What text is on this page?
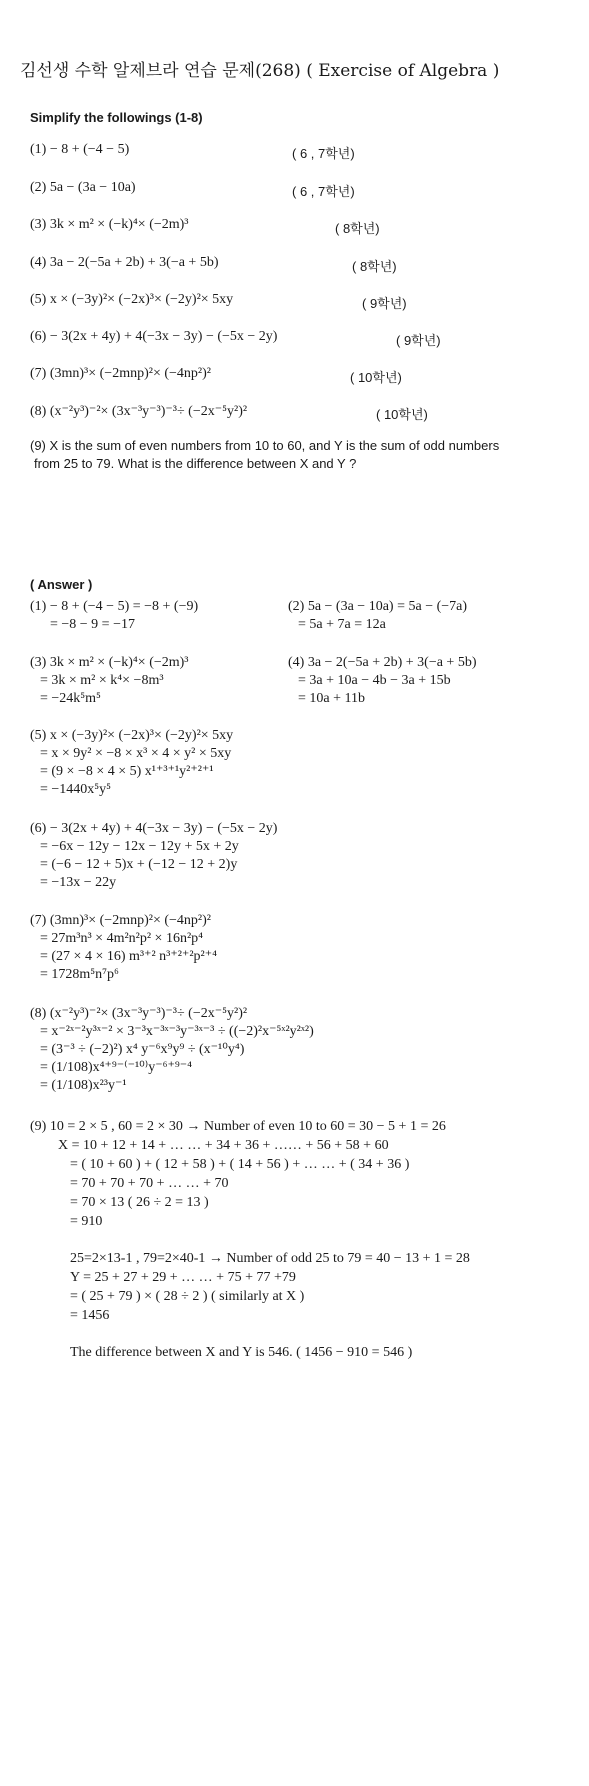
김선생 수학 알제브라 연습 문제(268) ( Exercise of Algebra )
Simplify the followings (1-8)
(1) − 8 + (−4 − 5)	( 6 , 7학년)
(2) 5a − (3a − 10a)	( 6 , 7학년)
(3) 3k × m² × (−k)⁴× (−2m)³	( 8학년)
(4) 3a − 2(−5a + 2b) + 3(−a + 5b)	( 8학년)
(5) x × (−3y)²× (−2x)³× (−2y)²× 5xy	( 9학년)
(6) − 3(2x + 4y) + 4(−3x − 3y) − (−5x − 2y)	( 9학년)
(7) (3mn)³× (−2mnp)²× (−4np²)²	( 10학년)
(8) (x⁻²y³)⁻²× (3x⁻³y⁻³)⁻³÷ (−2x⁻⁵y²)²	( 10학년)
(9) X is the sum of even numbers from 10 to 60, and Y is the sum of odd numbers
from 25 to 79. What is the difference between X and Y ?
( Answer )
(1) − 8 + (−4 − 5) = −8 + (−9)
= −8 − 9 = −17
(2) 5a − (3a − 10a) = 5a − (−7a)
= 5a + 7a = 12a
(3) 3k × m² × (−k)⁴× (−2m)³
= 3k × m² × k⁴× −8m³
= −24k⁵m⁵
(4) 3a − 2(−5a + 2b) + 3(−a + 5b)
= 3a + 10a − 4b − 3a + 15b
= 10a + 11b
(5) x × (−3y)²× (−2x)³× (−2y)²× 5xy
= x × 9y² × −8 × x³ × 4 × y² × 5xy
= (9 × −8 × 4 × 5) x¹⁺³⁺¹y²⁺²⁺¹
= −1440x⁵y⁵
(6) − 3(2x + 4y) + 4(−3x − 3y) − (−5x − 2y)
= −6x − 12y − 12x − 12y + 5x + 2y
= (−6 − 12 + 5)x + (−12 − 12 + 2)y
= −13x − 22y
(7) (3mn)³× (−2mnp)²× (−4np²)²
= 27m³n³ × 4m²n²p² × 16n²p⁴
= (27 × 4 × 16) m³⁺² n³⁺²⁺²p²⁺⁴
= 1728m⁵n⁷p⁶
(8) (x⁻²y³)⁻²× (3x⁻³y⁻³)⁻³÷ (−2x⁻⁵y²)²
= x⁻²ˣ⁻²y³ˣ⁻² × 3⁻³x⁻³ˣ⁻³y⁻³ˣ⁻³ ÷ ((−2)²x⁻⁵ˣ²y²ˣ²)
= (3⁻³ ÷ (−2)²) x⁴ y⁻⁶x⁹y⁹ ÷ (x⁻¹⁰y⁴)
= (1/108)x⁴⁺⁹⁻⁽⁻¹⁰⁾y⁻⁶⁺⁹⁻⁴
= (1/108)x²³y⁻¹
(9) 10 = 2 × 5 , 60 = 2 × 30 → Number of even 10 to 60 = 30 − 5 + 1 = 26
X = 10 + 12 + 14 + … … + 34 + 36 + …… + 56 + 58 + 60
= ( 10 + 60 ) + ( 12 + 58 ) + ( 14 + 56 ) + … … + ( 34 + 36 )
= 70 + 70 + 70 + … … + 70
= 70 × 13 ( 26 ÷ 2 = 13 )
= 910
25=2×13-1 , 79=2×40-1 → Number of odd 25 to 79 = 40 − 13 + 1 = 28
Y = 25 + 27 + 29 + … … + 75 + 77 +79
= ( 25 + 79 ) × ( 28 ÷ 2 ) ( similarly at X )
= 1456
The difference between X and Y is 546. ( 1456 − 910 = 546 )
